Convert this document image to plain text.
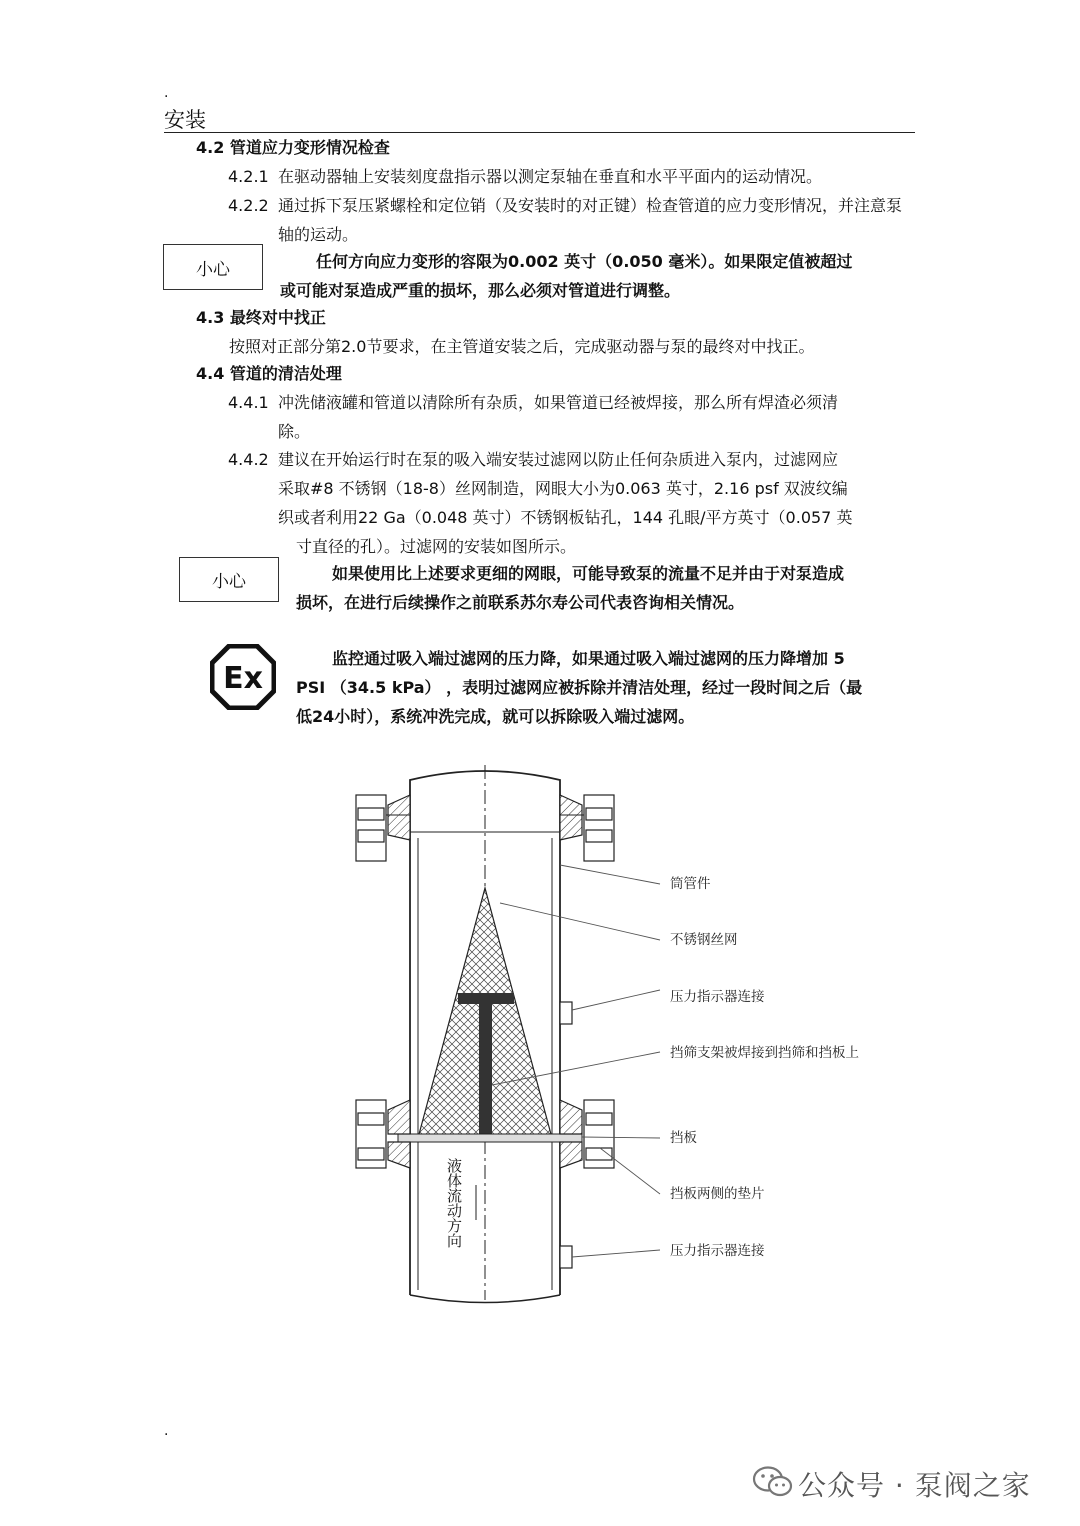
.
.
安装
4.2 管道应力变形情况检查
4.2.1 在驱动器轴上安装刻度盘指示器以测定泵轴在垂直和水平平面内的运动情况。
4.2.2 通过拆下泵压紧螺栓和定位销（及安装时的对正键）检查管道的应力变形情况，并注意泵轴的运动。
小心	任何方向应力变形的容限为0.002 英寸（0.050 毫米）。如果限定值被超过
或可能对泵造成严重的损坏，那么必须对管道进行调整。
4.3 最终对中找正
按照对正部分第2.0节要求，在主管道安装之后，完成驱动器与泵的最终对中找正。
4.4 管道的清洁处理
4.4.1 冲洗储液罐和管道以清除所有杂质，如果管道已经被焊接，那么所有焊渣必须清
除。
4.4.2 建议在开始运行时在泵的吸入端安装过滤网以防止任何杂质进入泵内，过滤网应
采取#8 不锈钢（18-8）丝网制造，网眼大小为0.063 英寸，2.16 psf 双波纹编
织或者利用22 Ga（0.048 英寸）不锈钢板钻孔，144 孔眼/平方英寸（0.057 英
寸直径的孔）。过滤网的安装如图所示。
小心	如果使用比上述要求更细的网眼，可能导致泵的流量不足并由于对泵造成
损坏，在进行后续操作之前联系苏尔寿公司代表咨询相关情况。
Ex
监控通过吸入端过滤网的压力降，如果通过吸入端过滤网的压力降增加 5
PSI （34.5 kPa） ，表明过滤网应被拆除并清洁处理，经过一段时间之后（最
低24小时），系统冲洗完成，就可以拆除吸入端过滤网。
液体流动方向
筒管件
不锈钢丝网
压力指示器连接
挡筛支架被焊接到挡筛和挡板上
挡板
挡板两侧的垫片
压力指示器连接
公众号 · 泵阀之家
